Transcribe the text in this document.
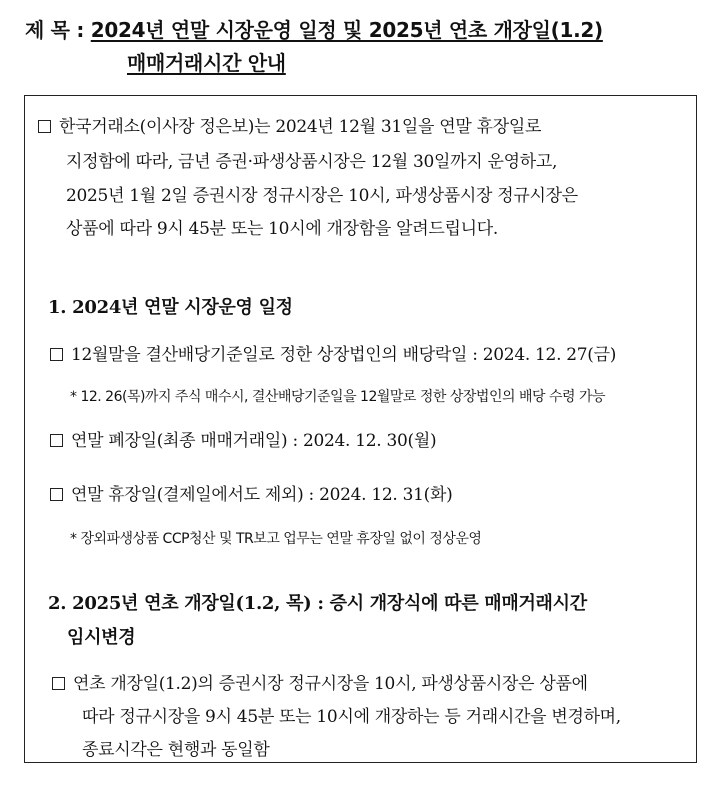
제 목 : 2024년 연말 시장운영 일정 및 2025년 연초 개장일(1.2)
매매거래시간 안내
한국거래소(이사장 정은보)는 2024년 12월 31일을 연말 휴장일로
지정함에 따라, 금년 증권·파생상품시장은 12월 30일까지 운영하고,
2025년 1월 2일 증권시장 정규시장은 10시, 파생상품시장 정규시장은
상품에 따라 9시 45분 또는 10시에 개장함을 알려드립니다.
1. 2024년 연말 시장운영 일정
12월말을 결산배당기준일로 정한 상장법인의 배당락일 : 2024. 12. 27(금)
* 12. 26(목)까지 주식 매수시, 결산배당기준일을 12월말로 정한 상장법인의 배당 수령 가능
연말 폐장일(최종 매매거래일) : 2024. 12. 30(월)
연말 휴장일(결제일에서도 제외) : 2024. 12. 31(화)
* 장외파생상품 CCP청산 및 TR보고 업무는 연말 휴장일 없이 정상운영
2. 2025년 연초 개장일(1.2, 목) : 증시 개장식에 따른 매매거래시간
임시변경
연초 개장일(1.2)의 증권시장 정규시장을 10시, 파생상품시장은 상품에
따라 정규시장을 9시 45분 또는 10시에 개장하는 등 거래시간을 변경하며,
종료시각은 현행과 동일함
